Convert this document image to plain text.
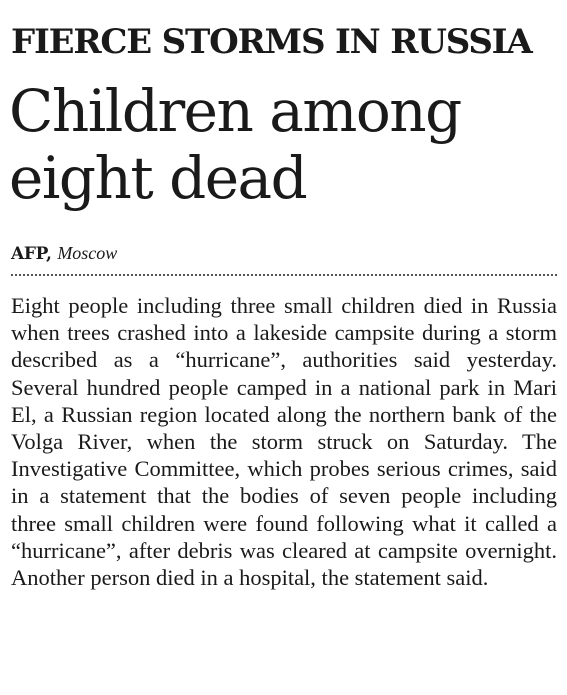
FIERCE STORMS IN RUSSIA
Children among eight dead
AFP, Moscow

Eight people including three small children died in Russia when trees crashed into a lakeside campsite during a storm described as a “hurricane”, authorities said yesterday. Several hundred people camped in a national park in Mari El, a Russian region located along the northern bank of the Volga River, when the storm struck on Saturday. The Investigative Committee, which probes serious crimes, said in a statement that the bodies of seven people including three small children were found following what it called a “hurricane”, after debris was cleared at campsite overnight. Another person died in a hospital, the statement said.
